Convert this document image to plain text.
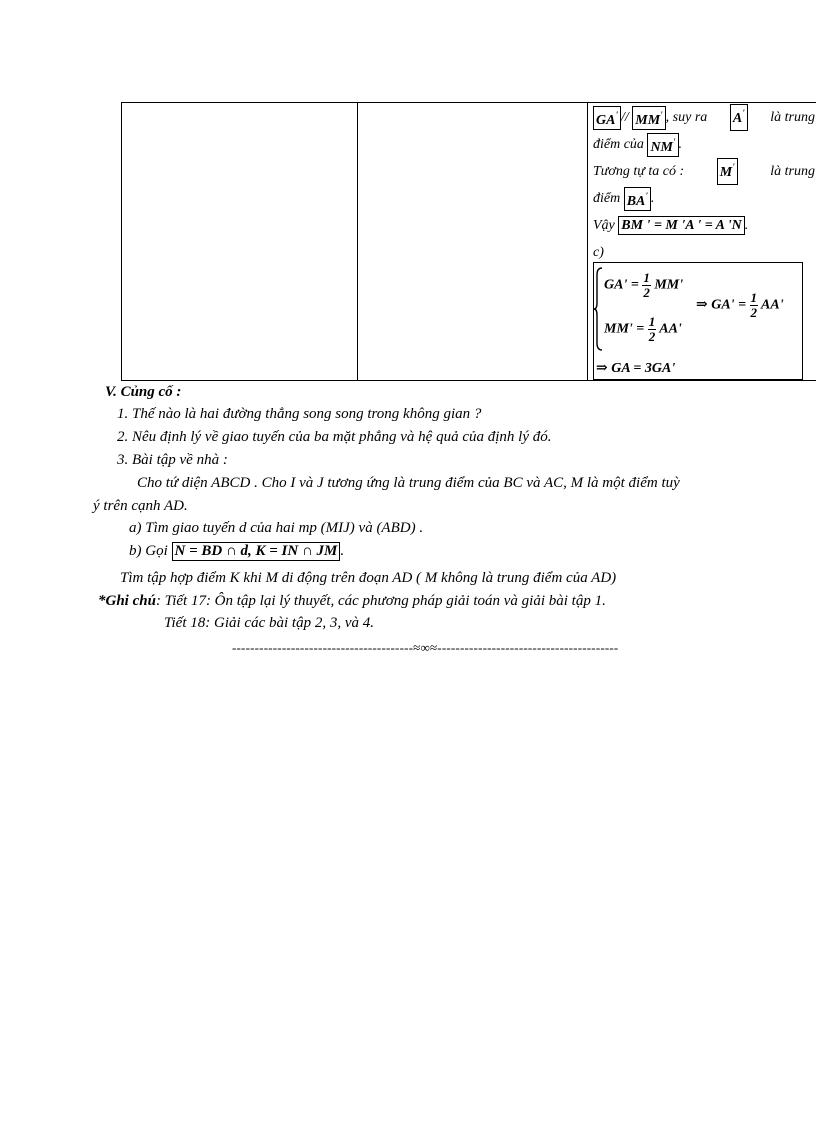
GA' // MM' , suy ra A' là trung
điểm của NM' .
Tương tự ta có :	M'	là trung
điểm BA' .
Vậy BM ' = M 'A ' = A 'N .
c)
$GA' = \frac{1}{2} MM'$
⇒ $GA' = \frac{1}{2} AA'$
$MM' = \frac{1}{2} AA'$
⇒ GA = 3GA'
V. Củng cố :
1. Thế nào là hai đường thẳng song song trong không gian ?
2. Nêu định lý về giao tuyến của ba mặt phẳng và hệ quả của định lý đó.
3. Bài tập về nhà :
Cho tứ diện ABCD . Cho I và J tương ứng là trung điểm của BC và AC, M là một điểm tuỳ
ý trên cạnh AD.
a) Tìm giao tuyến d của hai mp (MIJ) và (ABD) .
b) Gọi N = BD ∩ d, K = IN ∩ JM .
Tìm tập hợp điểm K khi M di động trên đoạn AD ( M không là trung điểm của AD)
*Ghi chú: Tiết 17: Ôn tập lại lý thuyết, các phương pháp giải toán và giải bài tập 1.
Tiết 18: Giải các bài tập 2, 3, và 4.
----------------------------------------≈∞≈----------------------------------------
